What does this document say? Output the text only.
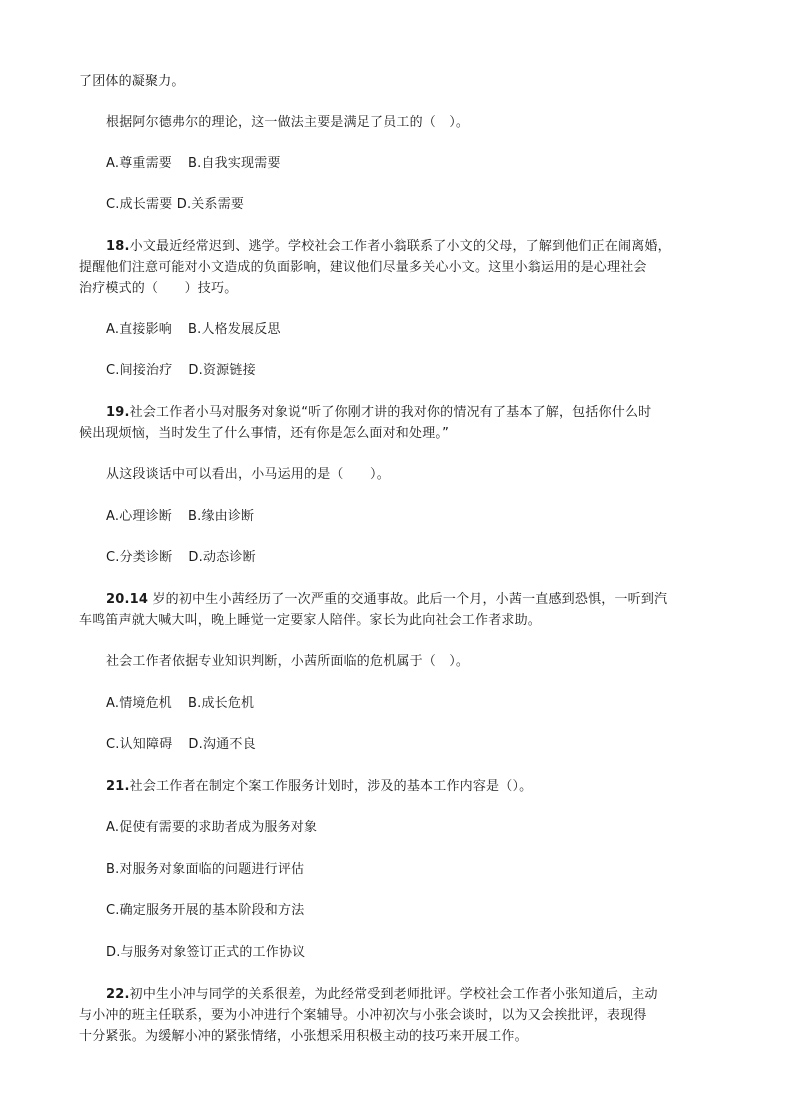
了团体的凝聚力。

根据阿尔德弗尔的理论，这一做法主要是满足了员工的（　）。

A.尊重需要 B.自我实现需要

C.成长需要 D.关系需要

18.小文最近经常迟到、逃学。学校社会工作者小翁联系了小文的父母，了解到他们正在闹离婚，

提醒他们注意可能对小文造成的负面影响，建议他们尽量多关心小文。这里小翁运用的是心理社会

治疗模式的（　　）技巧。

A.直接影响 B.人格发展反思

C.间接治疗 D.资源链接

19.社会工作者小马对服务对象说“听了你刚才讲的我对你的情况有了基本了解，包括你什么时

候出现烦恼，当时发生了什么事情，还有你是怎么面对和处理。”

从这段谈话中可以看出，小马运用的是（　　）。

A.心理诊断 B.缘由诊断

C.分类诊断 D.动态诊断

20.14 岁的初中生小茜经历了一次严重的交通事故。此后一个月，小茜一直感到恐惧，一听到汽

车鸣笛声就大喊大叫，晚上睡觉一定要家人陪伴。家长为此向社会工作者求助。

社会工作者依据专业知识判断，小茜所面临的危机属于（　）。

A.情境危机 B.成长危机

C.认知障碍 D.沟通不良

21.社会工作者在制定个案工作服务计划时，涉及的基本工作内容是（）。

A.促使有需要的求助者成为服务对象

B.对服务对象面临的问题进行评估

C.确定服务开展的基本阶段和方法

D.与服务对象签订正式的工作协议

22.初中生小冲与同学的关系很差，为此经常受到老师批评。学校社会工作者小张知道后，主动

与小冲的班主任联系，要为小冲进行个案辅导。小冲初次与小张会谈时，以为又会挨批评，表现得

十分紧张。为缓解小冲的紧张情绪，小张想采用积极主动的技巧来开展工作。
